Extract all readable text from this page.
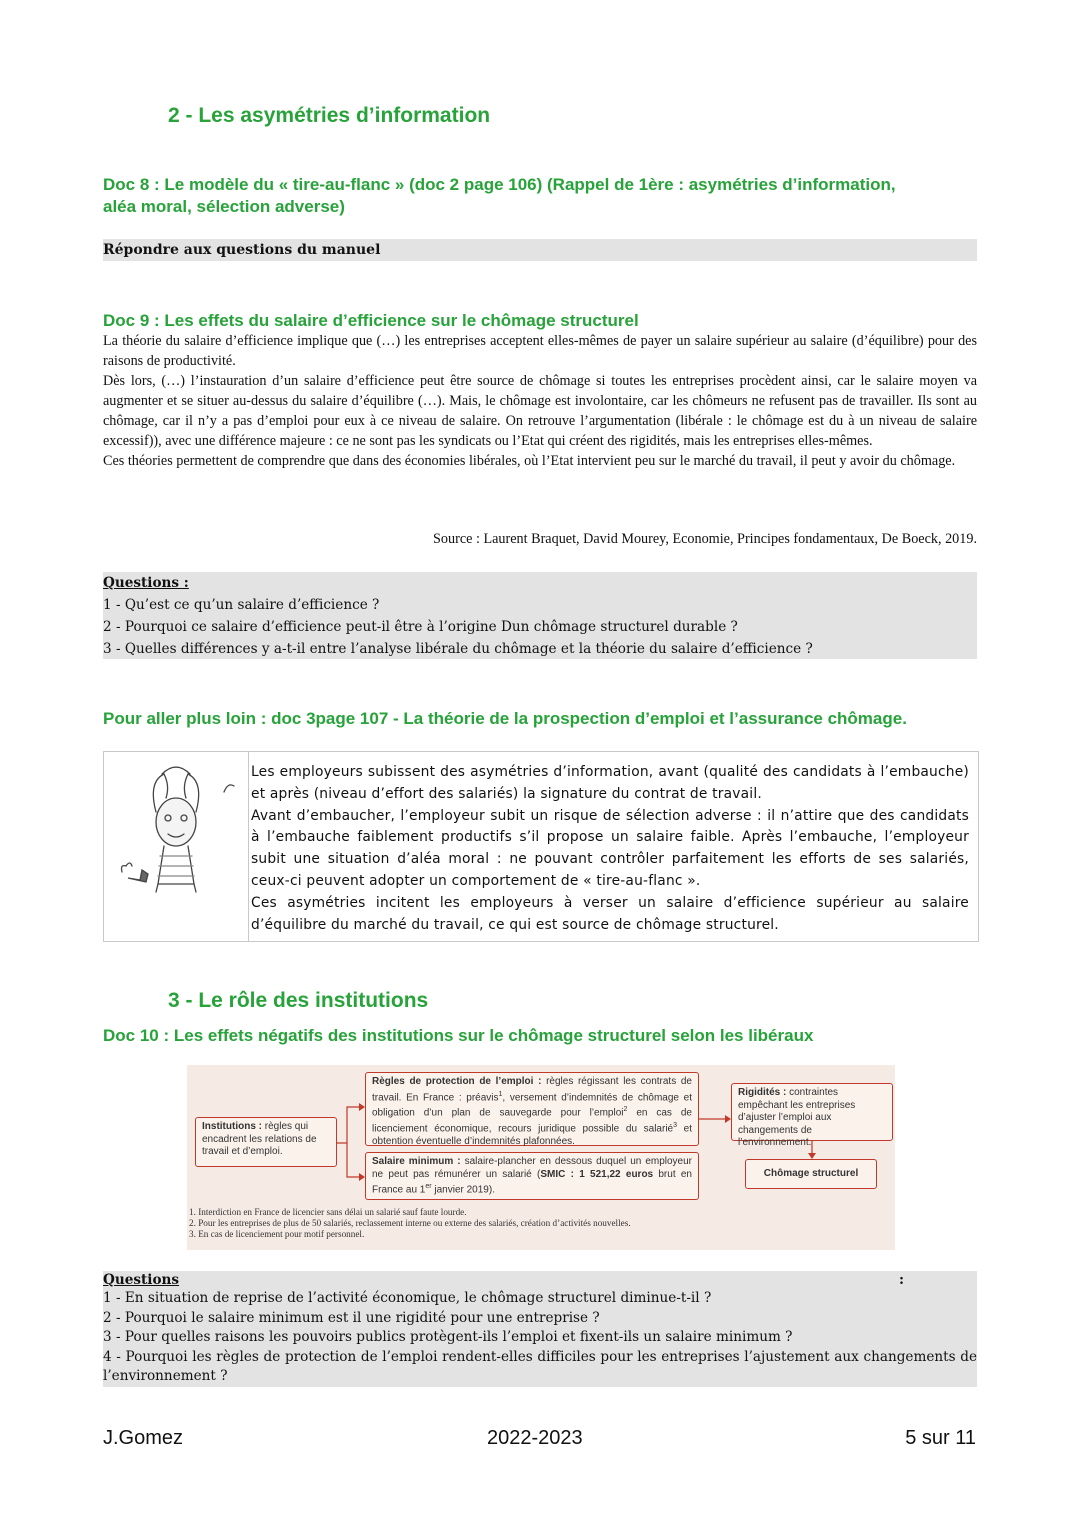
2 - Les asymétries d’information
Doc 8 : Le modèle du « tire-au-flanc » (doc 2 page 106) (Rappel de 1ère : asymétries d’information,
aléa moral, sélection adverse)
Répondre aux questions du manuel
Doc 9 : Les effets du salaire d’efficience sur le chômage structurel

La théorie du salaire d’efficience implique que (…) les entreprises acceptent elles-mêmes de payer un salaire supérieur au salaire (d’équilibre) pour des raisons de productivité.

Dès lors, (…) l’instauration d’un salaire d’efficience peut être source de chômage si toutes les entreprises procèdent ainsi, car le salaire moyen va augmenter et se situer au-dessus du salaire d’équilibre (…). Mais, le chômage est involontaire, car les chômeurs ne refusent pas de travailler. Ils sont au chômage, car il n’y a pas d’emploi pour eux à ce niveau de salaire. On retrouve l’argumentation (libérale : le chômage est du à un niveau de salaire excessif)), avec une différence majeure : ce ne sont pas les syndicats ou l’Etat qui créent des rigidités, mais les entreprises elles-mêmes.

Ces théories permettent de comprendre que dans des économies libérales, où l’Etat intervient peu sur le marché du travail, il peut y avoir du chômage.

Source : Laurent Braquet, David Mourey, Economie, Principes fondamentaux, De Boeck, 2019.
Questions :
1 - Qu’est ce qu’un salaire d’efficience ?
2 - Pourquoi ce salaire d’efficience peut-il être à l’origine Dun chômage structurel durable ?
3 - Quelles différences y a-t-il entre l’analyse libérale du chômage et la théorie du salaire d’efficience ?
Pour aller plus loin : doc 3page 107 - La théorie de la prospection d’emploi et l’assurance chômage.
Les employeurs subissent des asymétries d’information, avant (qualité des candidats à l’embauche) et après (niveau d’effort des salariés) la signature du contrat de travail.
Avant d’embaucher, l’employeur subit un risque de sélection adverse : il n’attire que des candidats à l’embauche faiblement productifs s’il propose un salaire faible. Après l’embauche, l’employeur subit une situation d’aléa moral : ne pouvant contrôler parfaitement les efforts de ses salariés, ceux-ci peuvent adopter un comportement de « tire-au-flanc ».
Ces asymétries incitent les employeurs à verser un salaire d’efficience supérieur au salaire d’équilibre du marché du travail, ce qui est source de chômage structurel.
3 - Le rôle des institutions
Doc 10 : Les effets négatifs des institutions sur le chômage structurel selon les libéraux
Institutions : règles qui encadrent les relations de travail et d’emploi.
Règles de protection de l’emploi : règles régissant les contrats de travail. En France : préavis$^1$, versement d’indemnités de chômage et obligation d’un plan de sauvegarde pour l’emploi$^2$ en cas de licenciement économique, recours juridique possible du salarié$^3$ et obtention éventuelle d’indemnités plafonnées.
Salaire minimum : salaire-plancher en dessous duquel un employeur ne peut pas rémunérer un salarié (SMIC : 1 521,22 euros brut en France au 1er janvier 2019).
Rigidités : contraintes empêchant les entreprises d’ajuster l’emploi aux changements de l’environnement.
Chômage structurel
1. Interdiction en France de licencier sans délai un salarié sauf faute lourde.
2. Pour les entreprises de plus de 50 salariés, reclassement interne ou externe des salariés, création d’activités nouvelles.
3. En cas de licenciement pour motif personnel.
Questions	:
1 - En situation de reprise de l’activité économique, le chômage structurel diminue-t-il ?
2 - Pourquoi le salaire minimum est il une rigidité pour une entreprise ?
3 - Pour quelles raisons les pouvoirs publics protègent-ils l’emploi et fixent-ils un salaire minimum ?
4 - Pourquoi les règles de protection de l’emploi rendent-elles difficiles pour les entreprises l’ajustement aux changements de l’environnement ?
J.Gomez	2022-2023	5 sur 11
